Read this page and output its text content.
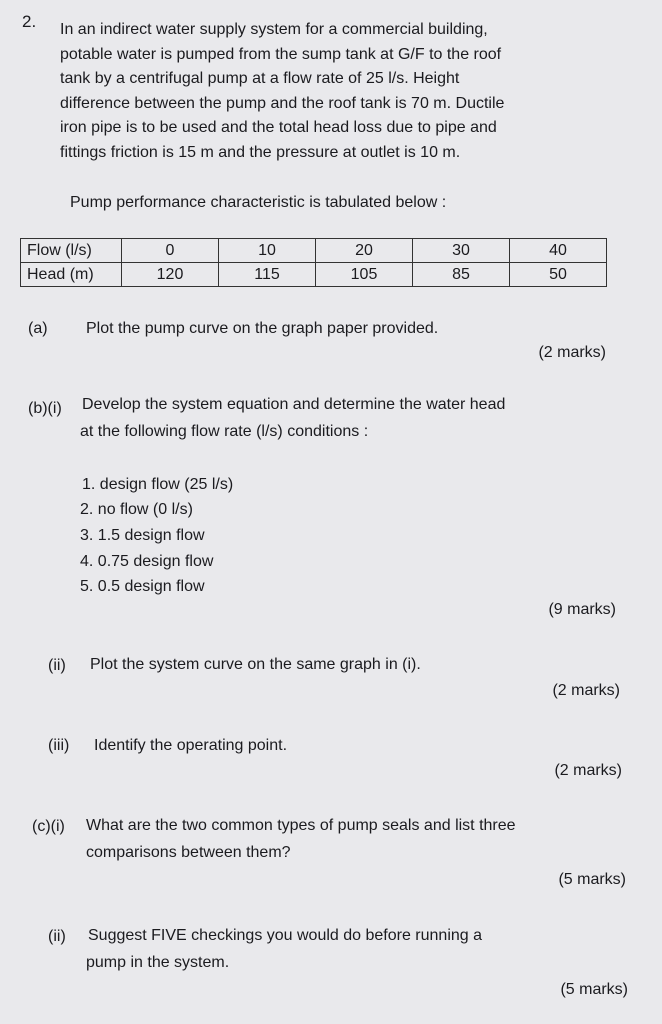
2. In an indirect water supply system for a commercial building,
potable water is pumped from the sump tank at G/F to the roof
tank by a centrifugal pump at a flow rate of 25 l/s. Height
difference between the pump and the roof tank is 70 m. Ductile
iron pipe is to be used and the total head loss due to pipe and
fittings friction is 15 m and the pressure at outlet is 10 m.
Pump performance characteristic is tabulated below :
Flow (l/s)	0	10	20	30	40
Head (m)	120	115	105	85	50
(a) Plot the pump curve on the graph paper provided.
(2 marks)
(b)(i) Develop the system equation and determine the water head
at the following flow rate (l/s) conditions :
1. design flow (25 l/s)
2. no flow (0 l/s)
3. 1.5 design flow
4. 0.75 design flow
5. 0.5 design flow
(9 marks)
(ii) Plot the system curve on the same graph in (i).
(2 marks)
(iii) Identify the operating point.
(2 marks)
(c)(i) What are the two common types of pump seals and list three
comparisons between them?
(5 marks)
(ii) Suggest FIVE checkings you would do before running a
pump in the system.
(5 marks)
